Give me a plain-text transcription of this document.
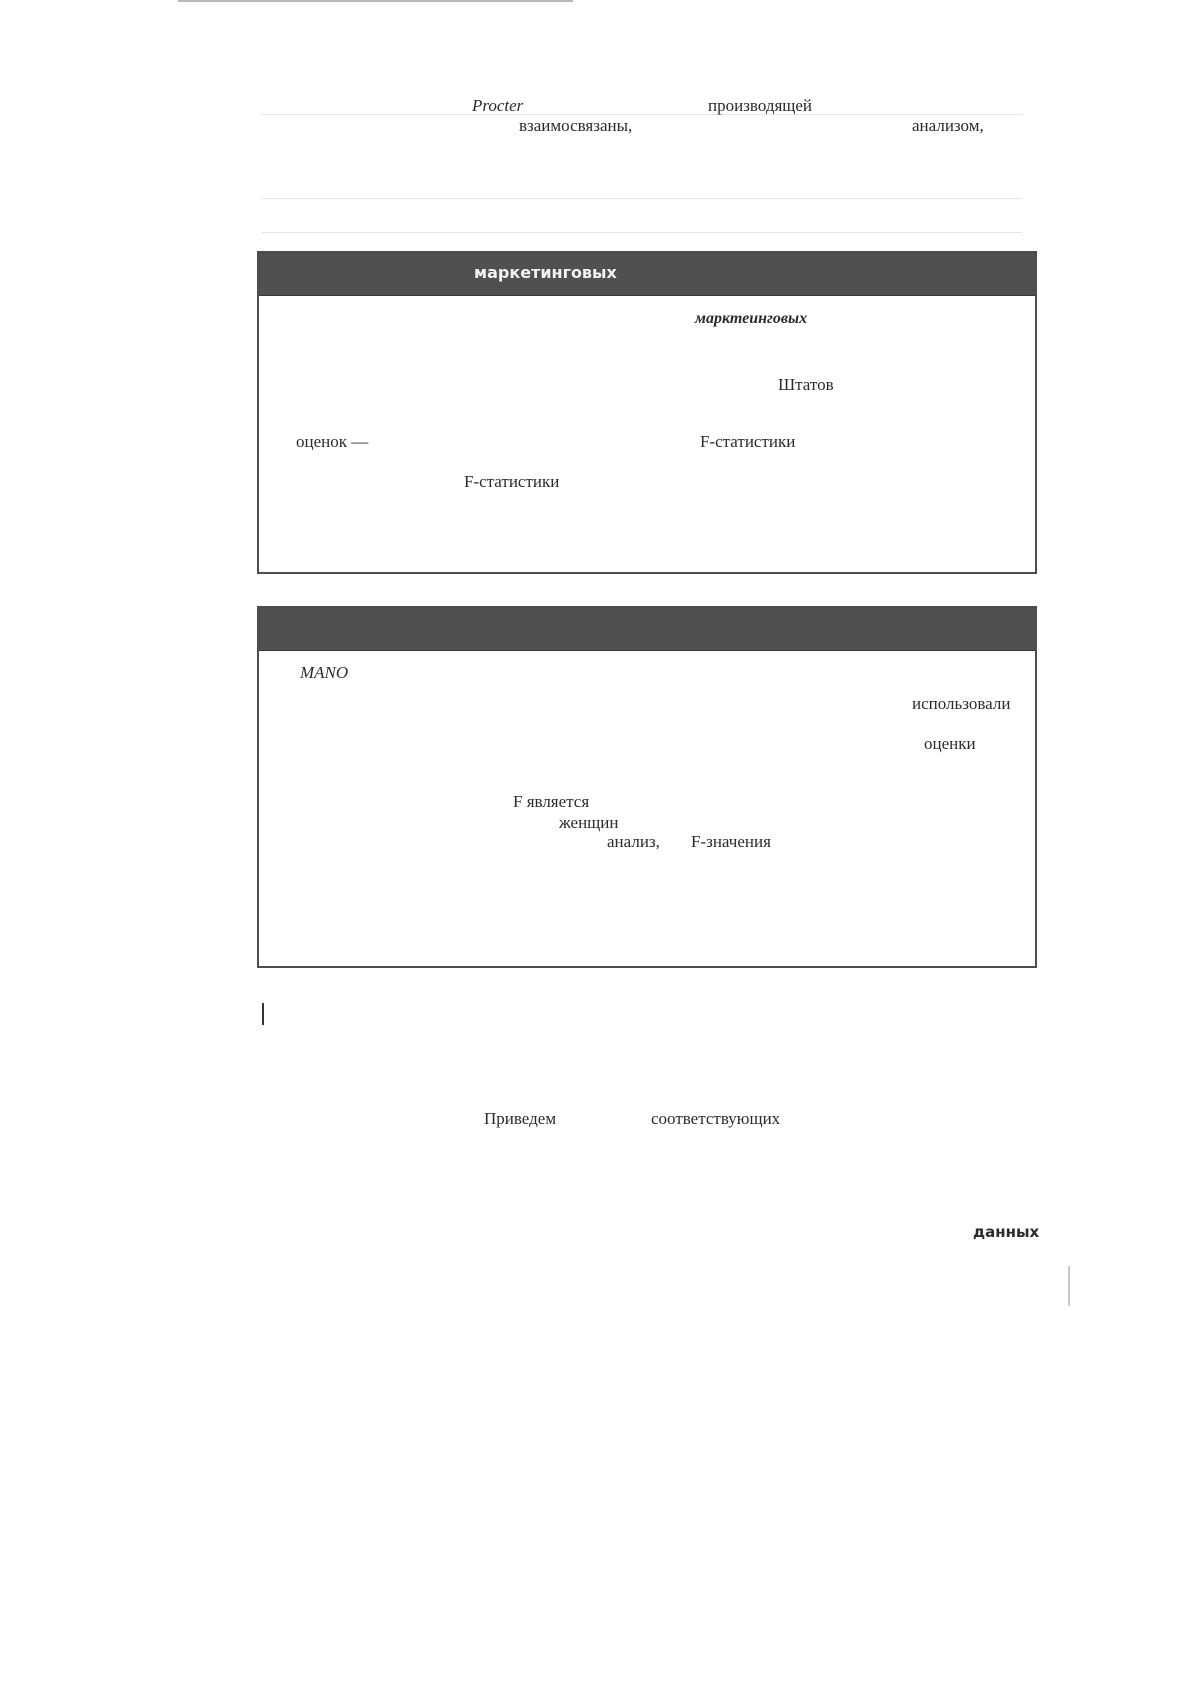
Procter	производящей
взаимосвязаны,	анализом,
маркетинговых
марктеинговых
Штатов
оценок —	F-статистики
F-статистики
MANO
использовали
оценки
F является
женщин
анализ, F-значения
Приведем	соответствующих
данных
